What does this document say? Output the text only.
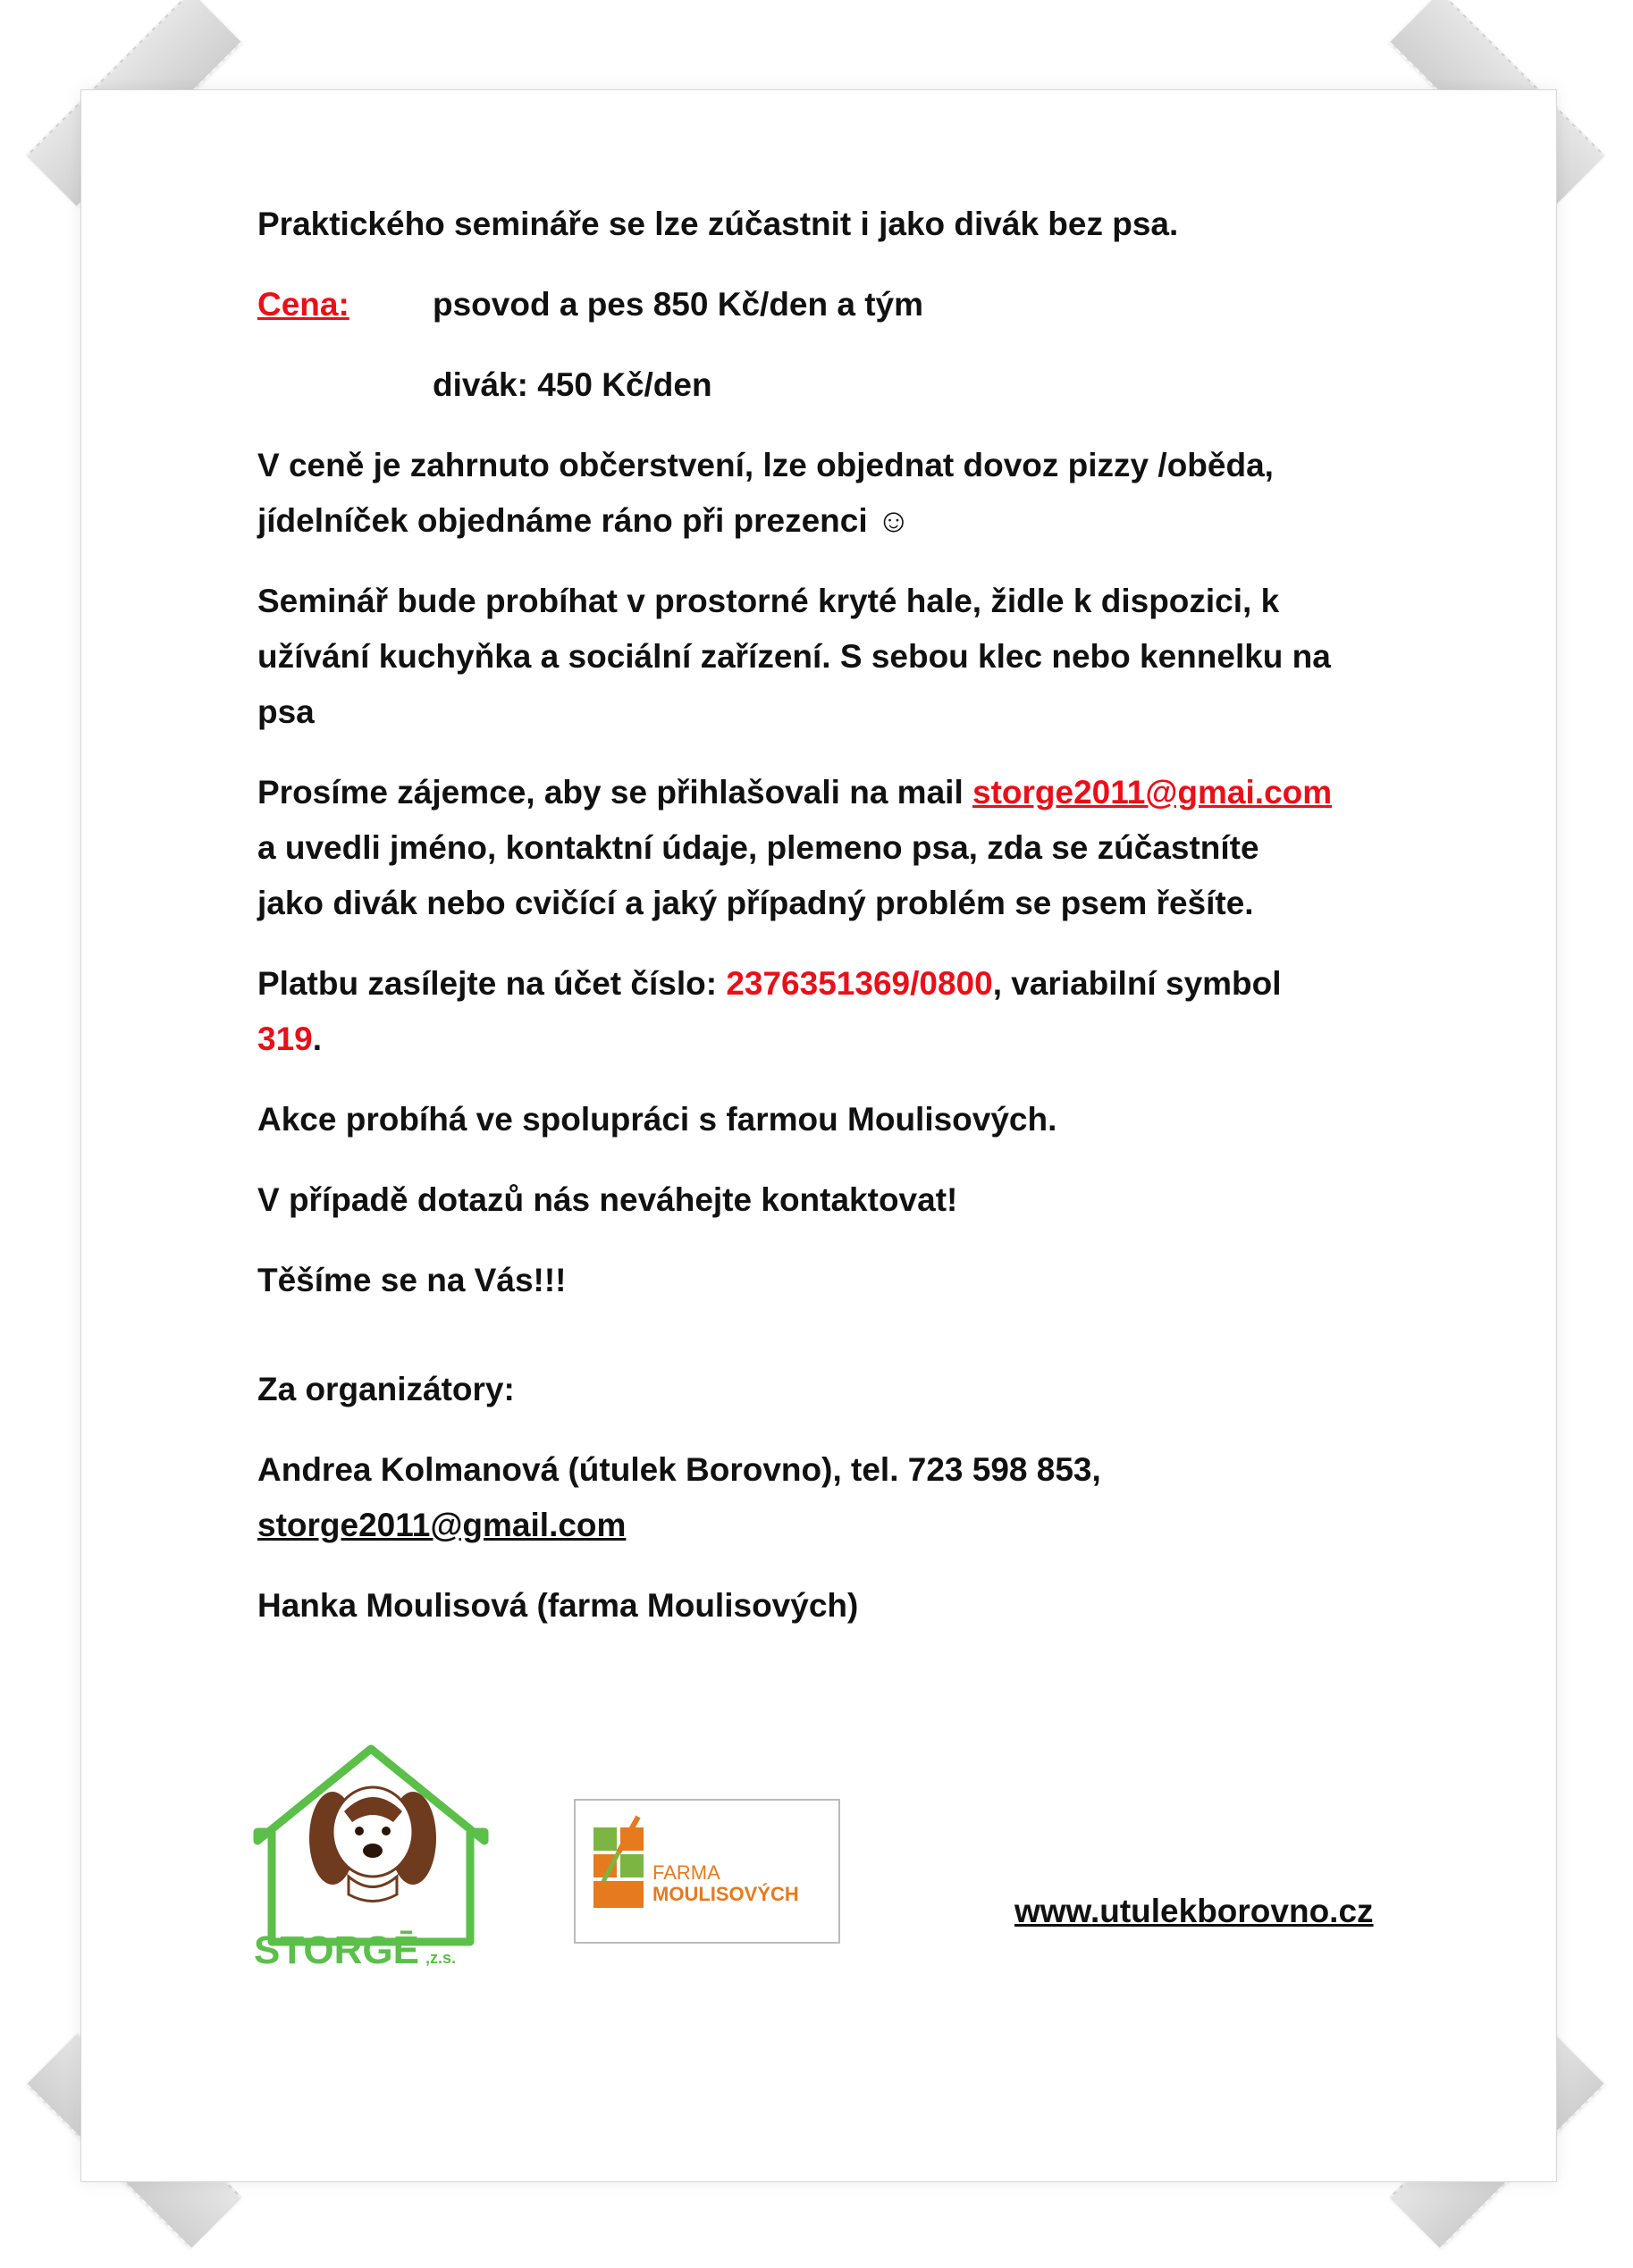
Praktického semináře se lze zúčastnit i jako divák bez psa.

Cena:	psovod a pes 850 Kč/den a tým

divák: 450 Kč/den

V ceně je zahrnuto občerstvení, lze objednat dovoz pizzy /oběda,
jídelníček objednáme ráno při prezenci ☺

Seminář bude probíhat v prostorné kryté hale, židle k dispozici, k
užívání kuchyňka a sociální zařízení. S sebou klec nebo kennelku na
psa

Prosíme zájemce, aby se přihlašovali na mail storge2011@gmai.com
a uvedli jméno, kontaktní údaje, plemeno psa, zda se zúčastníte
jako divák nebo cvičící a jaký případný problém se psem řešíte.

Platbu zasílejte na účet číslo: 2376351369/0800, variabilní symbol
319.

Akce probíhá ve spolupráci s farmou Moulisových.

V případě dotazů nás neváhejte kontaktovat!

Těšíme se na Vás!!!

Za organizátory:

Andrea Kolmanová (útulek Borovno), tel. 723 598 853,
storge2011@gmail.com

Hanka Moulisová (farma Moulisových)

STORGĒ ,z.s.
FARMA
MOULISOVÝCH	www.utulekborovno.cz
